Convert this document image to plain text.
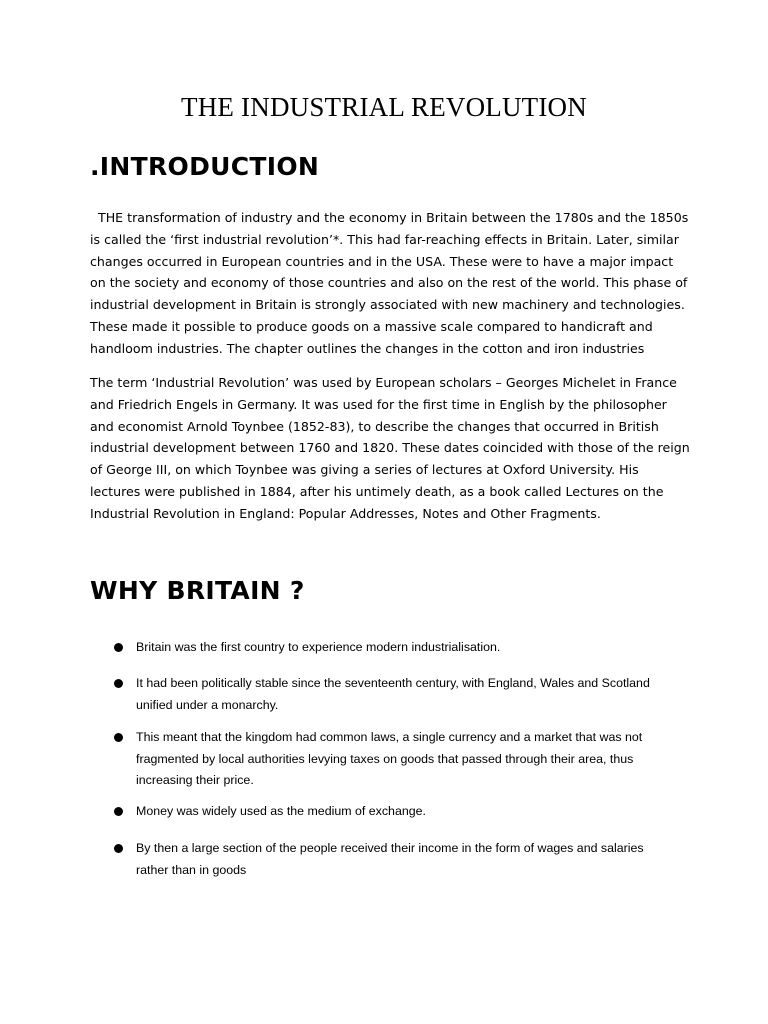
THE INDUSTRIAL REVOLUTION
.INTRODUCTION

THE transformation of industry and the economy in Britain between the 1780s and the 1850s is called the ‘first industrial revolution’*. This had far-reaching effects in Britain. Later, similar changes occurred in European countries and in the USA. These were to have a major impact on the society and economy of those countries and also on the rest of the world. This phase of industrial development in Britain is strongly associated with new machinery and technologies. These made it possible to produce goods on a massive scale compared to handicraft and handloom industries. The chapter outlines the changes in the cotton and iron industries

The term ‘Industrial Revolution’ was used by European scholars – Georges Michelet in France and Friedrich Engels in Germany. It was used for the first time in English by the philosopher and economist Arnold Toynbee (1852-83), to describe the changes that occurred in British industrial development between 1760 and 1820. These dates coincided with those of the reign of George III, on which Toynbee was giving a series of lectures at Oxford University. His lectures were published in 1884, after his untimely death, as a book called Lectures on the Industrial Revolution in England: Popular Addresses, Notes and Other Fragments.

WHY BRITAIN ?
Britain was the first country to experience modern industrialisation.
It had been politically stable since the seventeenth century, with England, Wales and Scotland unified under a monarchy.
This meant that the kingdom had common laws, a single currency and a market that was not fragmented by local authorities levying taxes on goods that passed through their area, thus increasing their price.
Money was widely used as the medium of exchange.
By then a large section of the people received their income in the form of wages and salaries rather than in goods
